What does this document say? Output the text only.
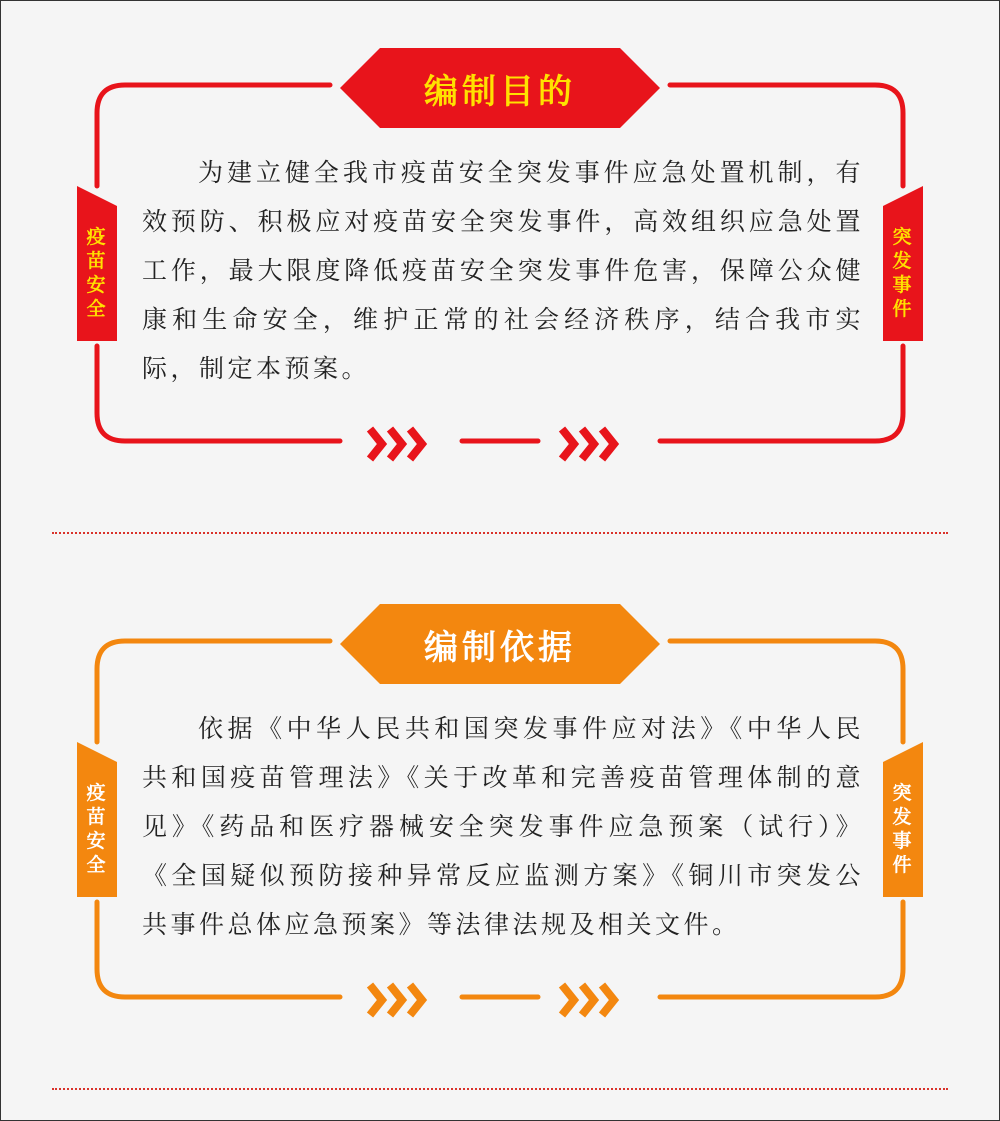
编制目的
疫
苗
安
全
突
发
事
件

为建立健全我市疫苗安全突发事件应急处置机制，有效预防、积极应对疫苗安全突发事件，高效组织应急处置工作，最大限度降低疫苗安全突发事件危害，保障公众健康和生命安全，维护正常的社会经济秩序，结合我市实际，制定本预案。

编制依据
疫
苗
安
全
突
发
事
件

依据《中华人民共和国突发事件应对法》《中华人民共和国疫苗管理法》《关于改革和完善疫苗管理体制的意见》《药品和医疗器械安全突发事件应急预案（试行）》《全国疑似预防接种异常反应监测方案》《铜川市突发公共事件总体应急预案》等法律法规及相关文件。
